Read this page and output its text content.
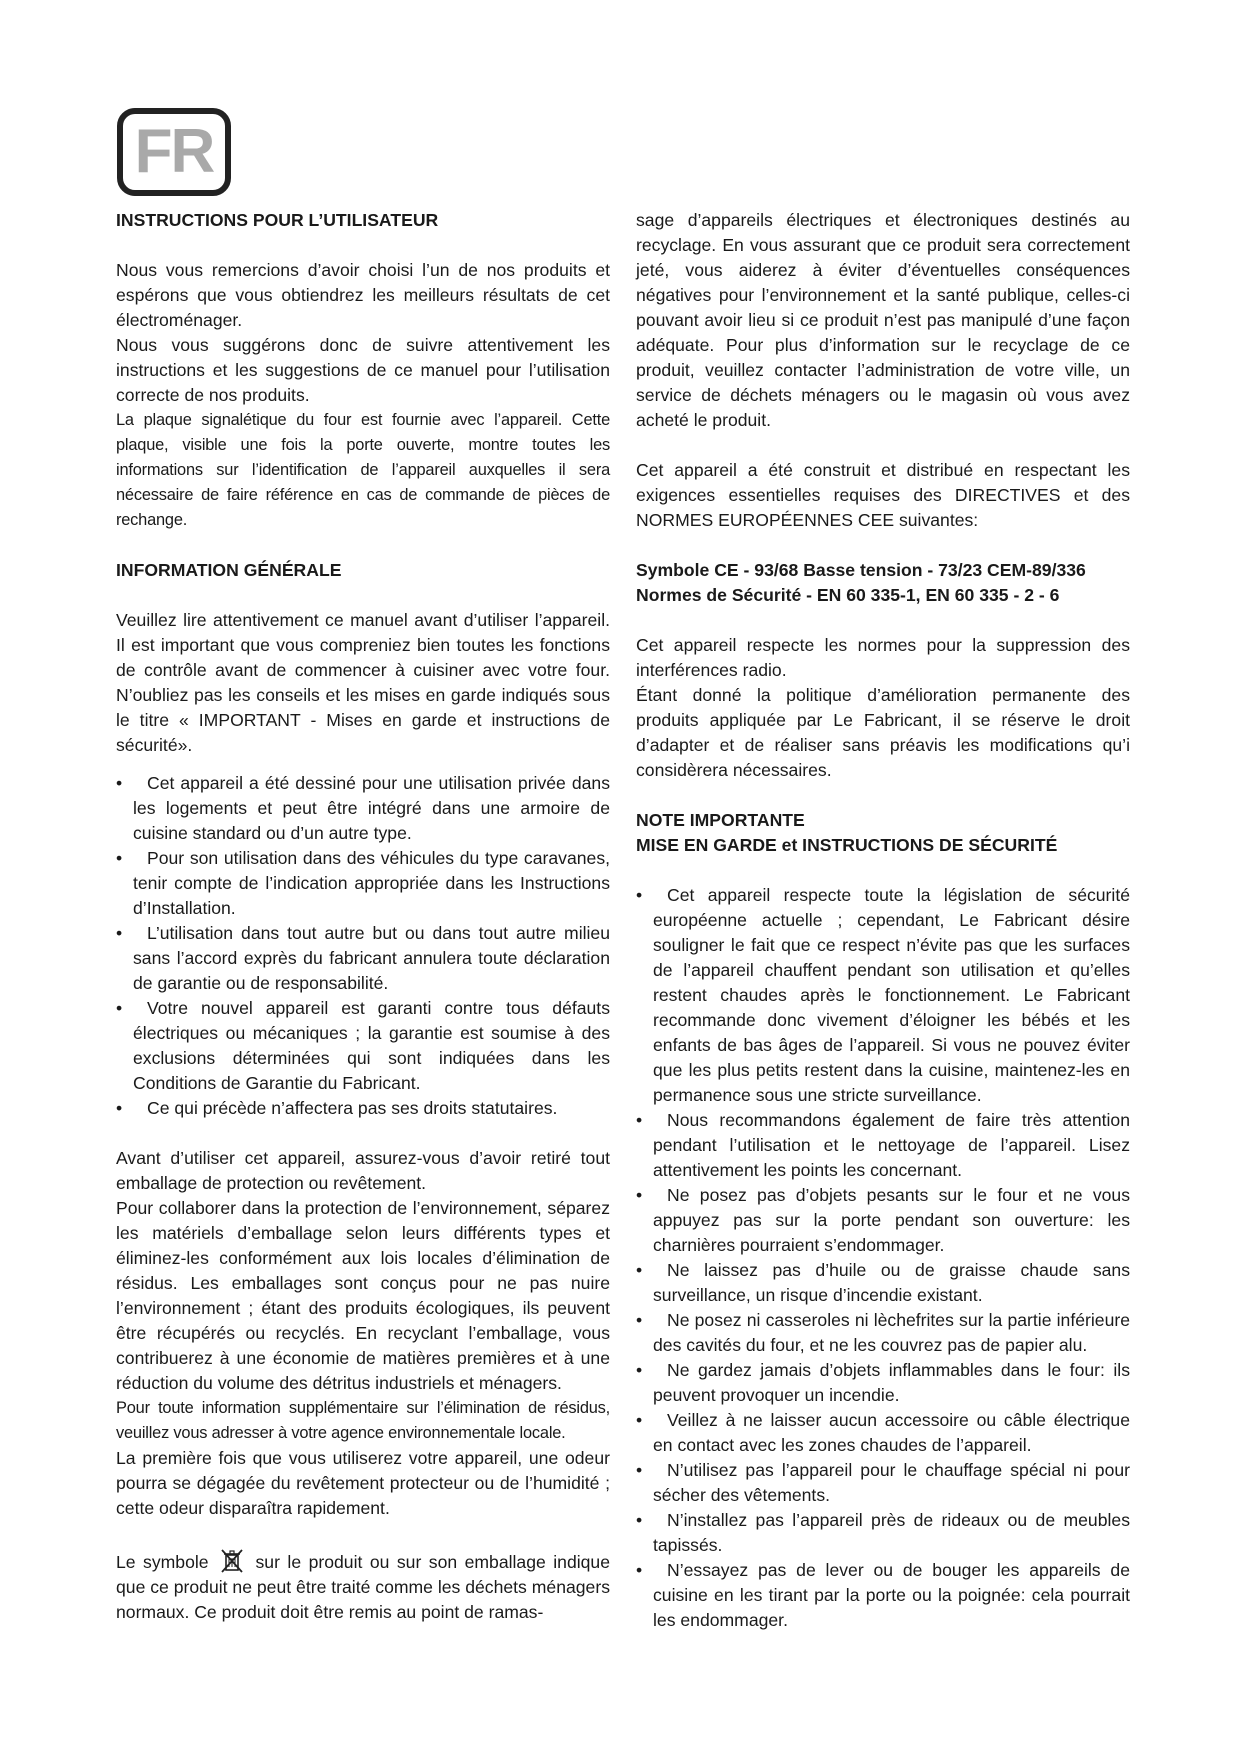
FR
INSTRUCTIONS POUR L’UTILISATEUR

Nous vous remercions d’avoir choisi l’un de nos produits et espérons que vous obtiendrez les meilleurs résultats de cet électroménager.

Nous vous suggérons donc de suivre attentivement les instructions et les suggestions de ce manuel pour l’utilisation correcte de nos produits.

La plaque signalétique du four est fournie avec l’appareil. Cette plaque, visible une fois la porte ouverte, montre toutes les informations sur l’identification de l’appareil auxquelles il sera nécessaire de faire référence en cas de commande de pièces de rechange.

INFORMATION GÉNÉRALE

Veuillez lire attentivement ce manuel avant d’utiliser l’appareil. Il est important que vous compreniez bien toutes les fonctions de contrôle avant de commencer à cuisiner avec votre four. N’oubliez pas les conseils et les mises en garde indiqués sous le titre « IMPORTANT - Mises en garde et instructions de sécurité».

• Cet appareil a été dessiné pour une utilisation privée dans les logements et peut être intégré dans une armoire de cuisine standard ou d’un autre type.
• Pour son utilisation dans des véhicules du type caravanes, tenir compte de l’indication appropriée dans les Instructions d’Installation.
• L’utilisation dans tout autre but ou dans tout autre milieu sans l’accord exprès du fabricant annulera toute déclaration de garantie ou de responsabilité.
• Votre nouvel appareil est garanti contre tous défauts électriques ou mécaniques ; la garantie est soumise à des exclusions déterminées qui sont indiquées dans les Conditions de Garantie du Fabricant.
• Ce qui précède n’affectera pas ses droits statutaires.

Avant d’utiliser cet appareil, assurez-vous d’avoir retiré tout emballage de protection ou revêtement.

Pour collaborer dans la protection de l’environnement, séparez les matériels d’emballage selon leurs différents types et éliminez-les conformément aux lois locales d’élimination de résidus. Les emballages sont conçus pour ne pas nuire l’environnement ; étant des produits écologiques, ils peuvent être récupérés ou recyclés. En recyclant l’emballage, vous contribuerez à une économie de matières premières et à une réduction du volume des détritus industriels et ménagers.

Pour toute information supplémentaire sur l’élimination de résidus, veuillez vous adresser à votre agence environnementale locale.

La première fois que vous utiliserez votre appareil, une odeur pourra se dégagée du revêtement protecteur ou de l’humidité ; cette odeur disparaîtra rapidement.

Le symbole	sur le produit ou sur son emballage indique que ce produit ne peut être traité comme les déchets ménagers normaux. Ce produit doit être remis au point de ramas-

sage d’appareils électriques et électroniques destinés au recyclage. En vous assurant que ce produit sera correctement jeté, vous aiderez à éviter d’éventuelles conséquences négatives pour l’environnement et la santé publique, celles-ci pouvant avoir lieu si ce produit n’est pas manipulé d’une façon adéquate. Pour plus d’information sur le recyclage de ce produit, veuillez contacter l’administration de votre ville, un service de déchets ménagers ou le magasin où vous avez acheté le produit.

Cet appareil a été construit et distribué en respectant les exigences essentielles requises des DIRECTIVES et des NORMES EUROPÉENNES CEE suivantes:

Symbole CE - 93/68 Basse tension - 73/23 CEM-89/336

Normes de Sécurité - EN 60 335-1, EN 60 335 - 2 - 6

Cet appareil respecte les normes pour la suppression des interférences radio.

Étant donné la politique d’amélioration permanente des produits appliquée par Le Fabricant, il se réserve le droit d’adapter et de réaliser sans préavis les modifications qu’i considèrera nécessaires.

NOTE IMPORTANTE
MISE EN GARDE et INSTRUCTIONS DE SÉCURITÉ
• Cet appareil respecte toute la législation de sécurité européenne actuelle ; cependant, Le Fabricant désire souligner le fait que ce respect n’évite pas que les surfaces de l’appareil chauffent pendant son utilisation et qu’elles restent chaudes après le fonctionnement. Le Fabricant recommande donc vivement d’éloigner les bébés et les enfants de bas âges de l’appareil. Si vous ne pouvez éviter que les plus petits restent dans la cuisine, maintenez-les en permanence sous une stricte surveillance.
• Nous recommandons également de faire très attention pendant l’utilisation et le nettoyage de l’appareil. Lisez attentivement les points les concernant.
• Ne posez pas d’objets pesants sur le four et ne vous appuyez pas sur la porte pendant son ouverture: les charnières pourraient s’endommager.
• Ne laissez pas d’huile ou de graisse chaude sans surveillance, un risque d’incendie existant.
• Ne posez ni casseroles ni lèchefrites sur la partie inférieure des cavités du four, et ne les couvrez pas de papier alu.
• Ne gardez jamais d’objets inflammables dans le four: ils peuvent provoquer un incendie.
• Veillez à ne laisser aucun accessoire ou câble électrique en contact avec les zones chaudes de l’appareil.
• N’utilisez pas l’appareil pour le chauffage spécial ni pour sécher des vêtements.
• N’installez pas l’appareil près de rideaux ou de meubles tapissés.
• N’essayez pas de lever ou de bouger les appareils de cuisine en les tirant par la porte ou la poignée: cela pourrait les endommager.
